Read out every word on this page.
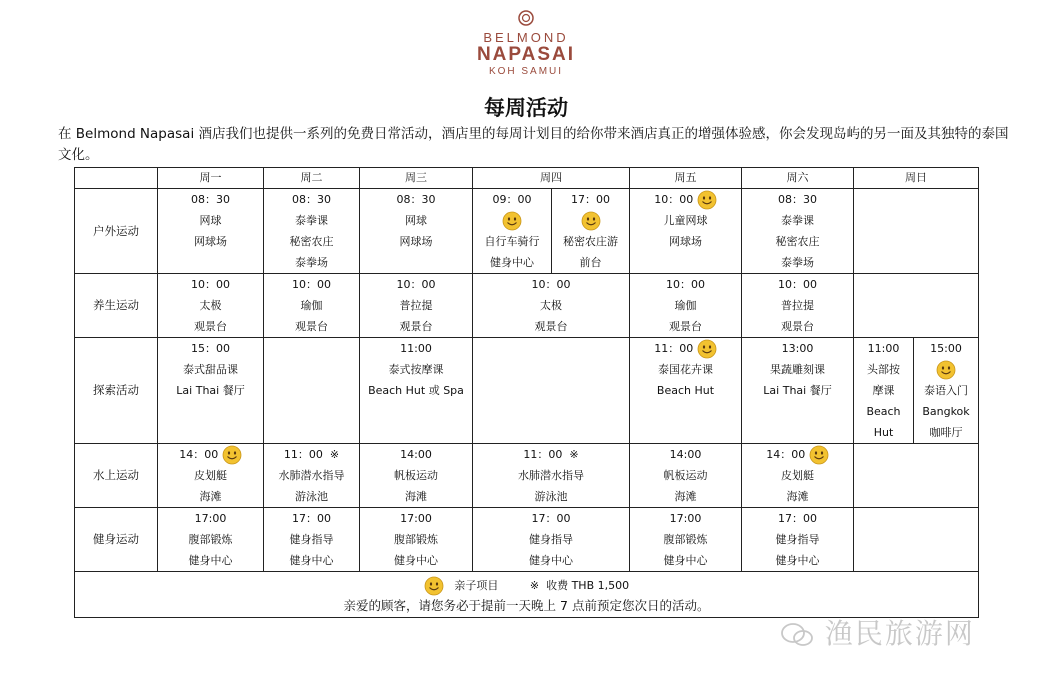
BELMOND
NAPASAI
KOH SAMUI
每周活动
在 Belmond Napasai 酒店我们也提供一系列的免费日常活动，酒店里的每周计划目的给你带来酒店真正的增强体验感，你会发现岛屿的另一面及其独特的泰国文化。
	周一	周二	周三	周四		周五	周六	周日	
户外运动	08：30
网球
网球场	08：30
泰拳课
秘密农庄
泰拳场	08：30
网球
网球场	09：00
自行车骑行
健身中心	17：00
秘密农庄游
前台	10：00
儿童网球
网球场	08：30
泰拳课
秘密农庄
泰拳场		

养生运动	10：00
太极
观景台	10：00
瑜伽
观景台	10：00
普拉提
观景台	10：00
太极
观景台		10：00
瑜伽
观景台	10：00
普拉提
观景台		

探索活动	15：00
泰式甜品课
Lai Thai 餐厅		11:00
泰式按摩课
Beach Hut 或 Spa			11：00
泰国花卉课
Beach Hut	13:00
果蔬雕刻课
Lai Thai 餐厅	11:00
头部按
摩课
Beach
Hut	15:00
泰语入门
Bangkok
咖啡厅

水上运动	14：00
皮划艇
海滩	11：00 ※
水肺潜水指导
游泳池	14:00
帆板运动
海滩	11：00 ※
水肺潜水指导
游泳池		14:00
帆板运动
海滩	14：00
皮划艇
海滩		

健身运动	17:00
腹部锻炼
健身中心	17：00
健身指导
健身中心	17:00
腹部锻炼
健身中心	17：00
健身指导
健身中心		17:00
腹部锻炼
健身中心	17：00
健身指导
健身中心		

亲子项目 ※ 收费 THB 1,500
亲爱的顾客，请您务必于提前一天晚上 7 点前预定您次日的活动。									
渔民旅游网
